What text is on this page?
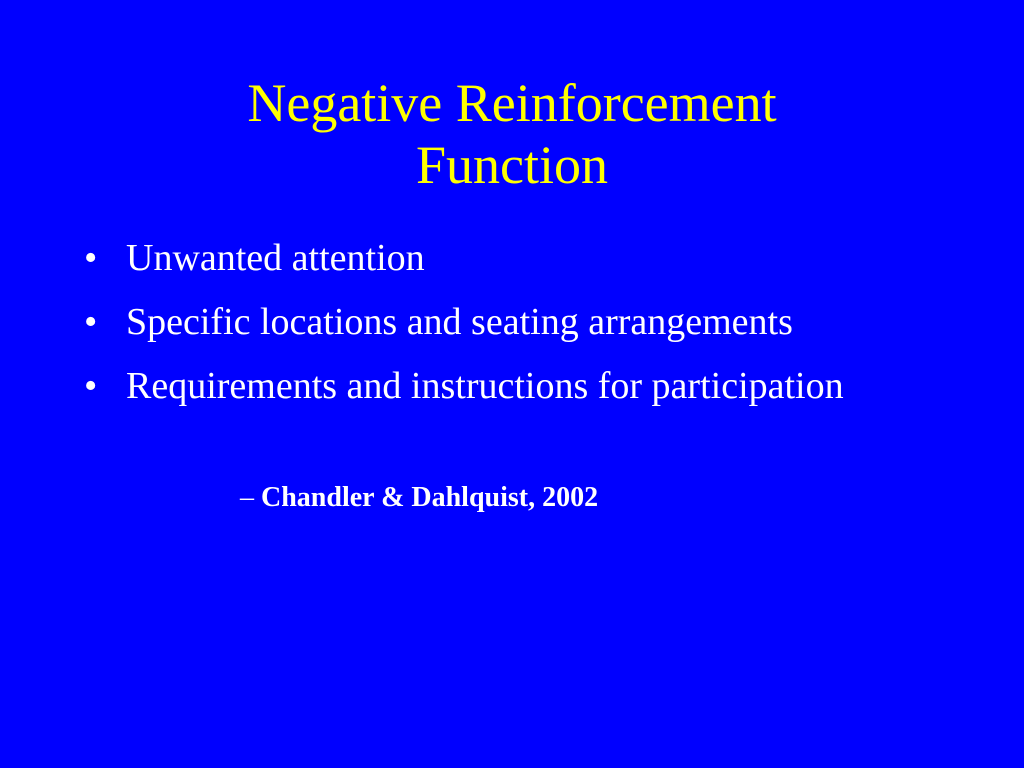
Negative Reinforcement
Function
• Unwanted attention
• Specific locations and seating arrangements
• Requirements and instructions for participation
– Chandler & Dahlquist, 2002
